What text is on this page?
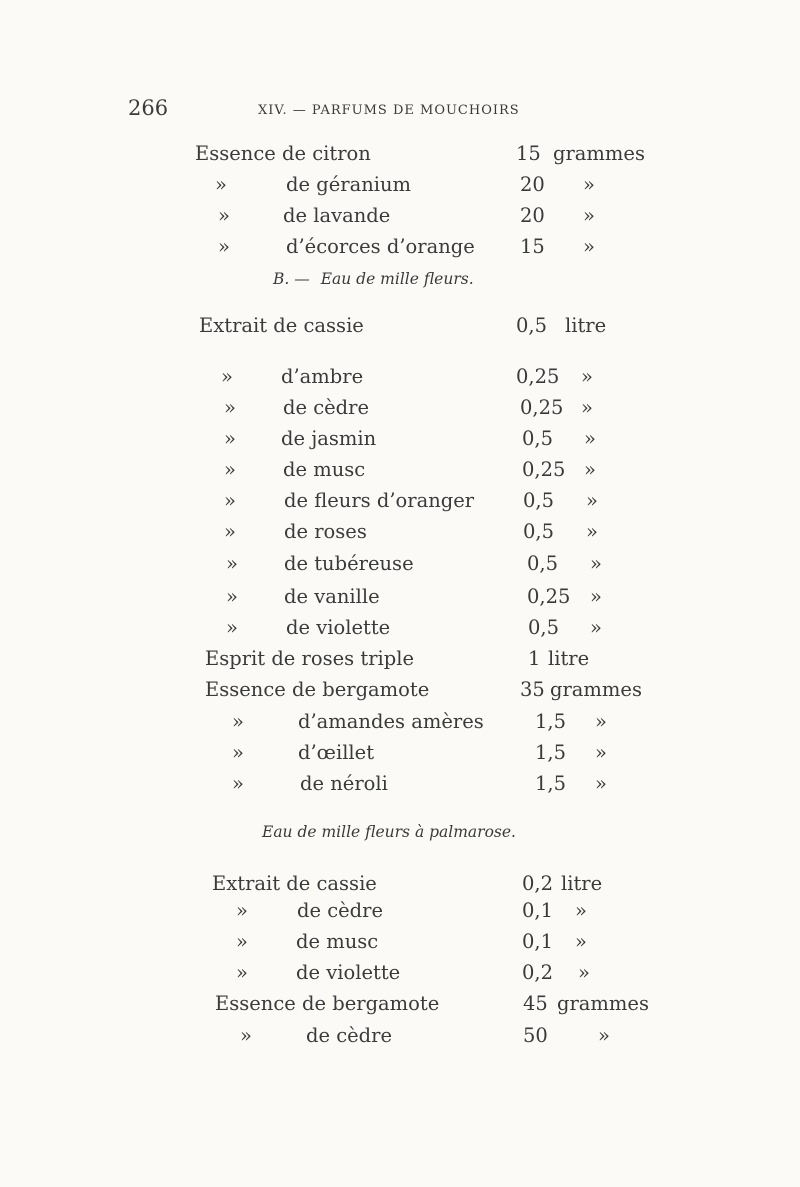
266	XIV. — PARFUMS DE MOUCHOIRS
Essence de citron	15 grammes
»	de géranium	20 »
»	de lavande	20 »
»	d’écorces d’orange 15 »
B. — Eau de mille fleurs.
Extrait de cassie	0,5 litre
» d’ambre	0,25 »
» de cèdre	0,25 »
» de jasmin	0,5 »
» de musc	0,25 »
» de fleurs d’oranger	0,5 »
» de roses	0,5 »
» de tubéreuse	0,5 »
» de vanille	0,25 »
» de violette	0,5 »
Esprit de roses triple	1 litre
Essence de bergamote	35 grammes
»	d’amandes amères	1,5 »
»	d’œillet	1,5 »
»	de néroli	1,5 »
Eau de mille fleurs à palmarose.
Extrait de cassie	0,2 litre
»	de cèdre	0,1 »
» de musc	0,1 »
» de violette	0,2 »
Essence de bergamote	45 grammes
»	de cèdre	50	»
